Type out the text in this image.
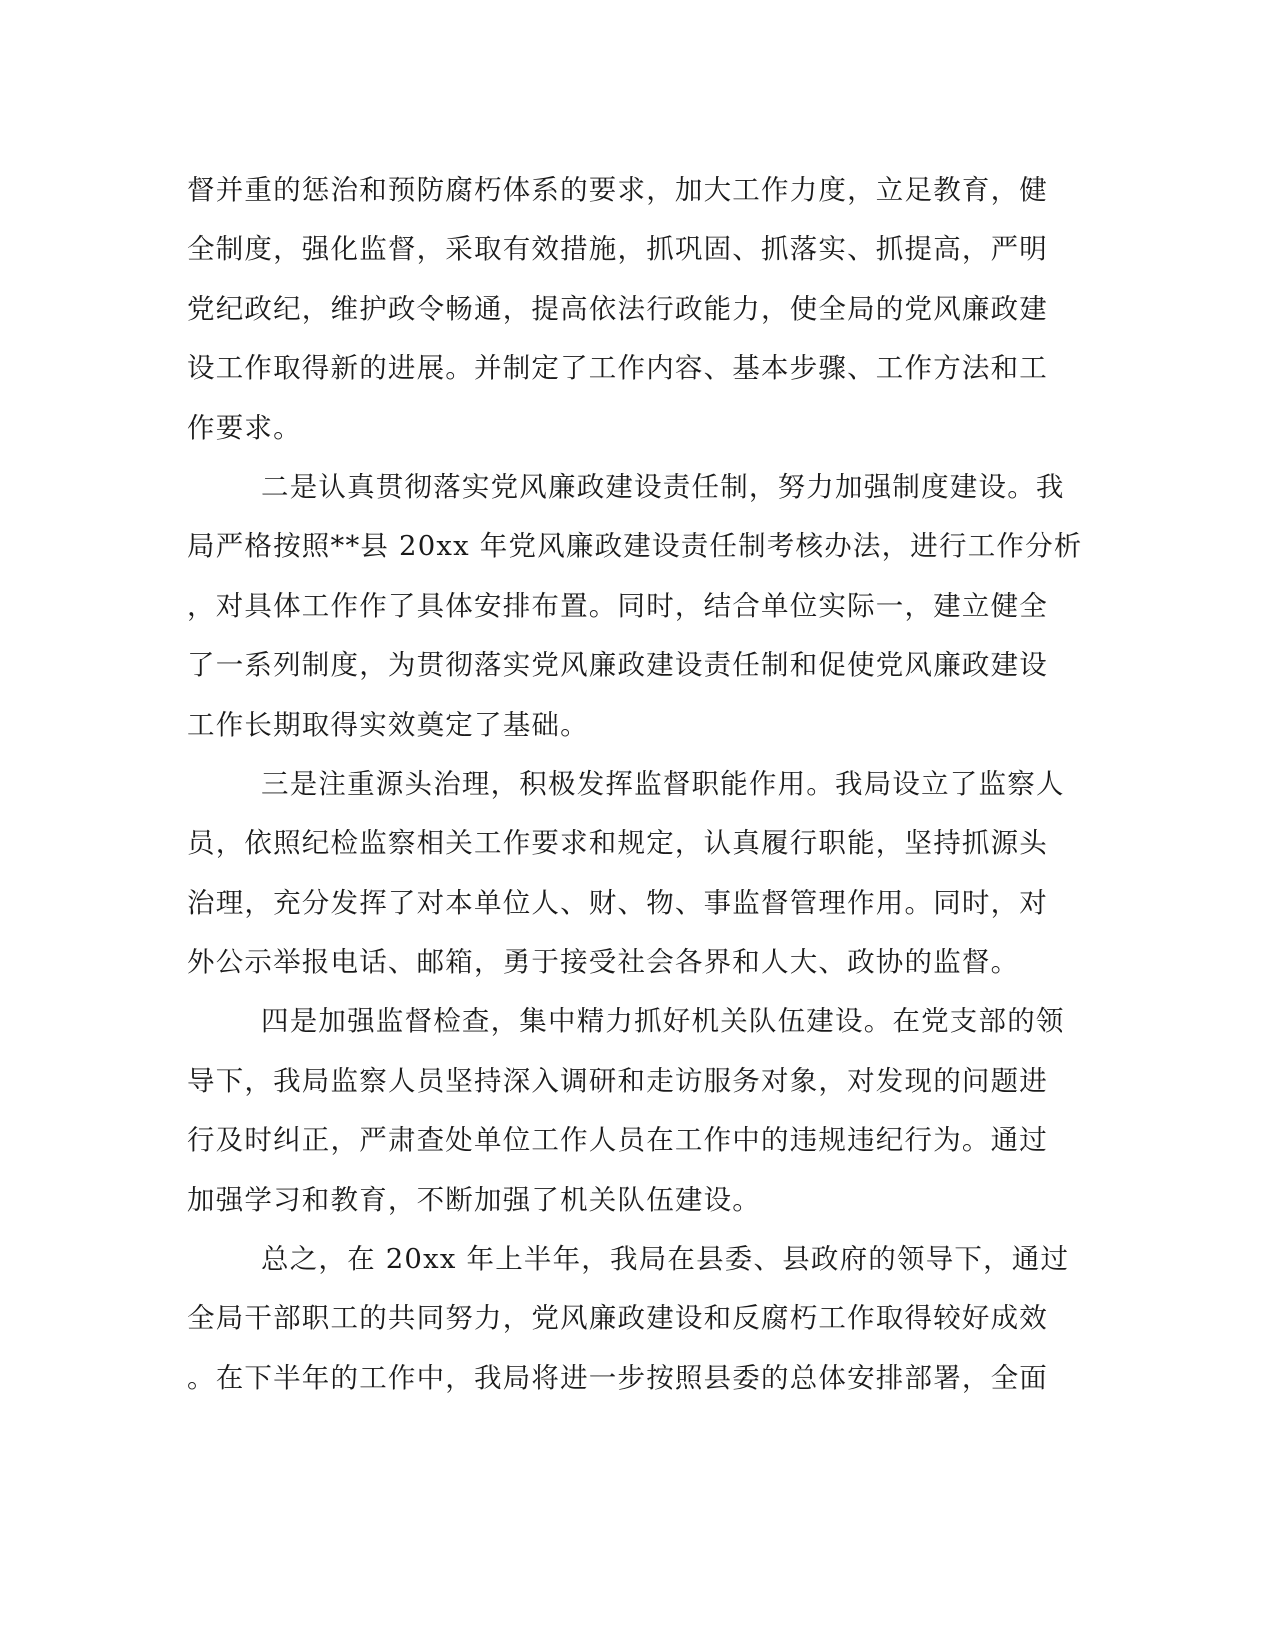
督并重的惩治和预防腐朽体系的要求，加大工作力度，立足教育，健
全制度，强化监督，采取有效措施，抓巩固、抓落实、抓提高，严明
党纪政纪，维护政令畅通，提高依法行政能力，使全局的党风廉政建
设工作取得新的进展。并制定了工作内容、基本步骤、工作方法和工
作要求。
二是认真贯彻落实党风廉政建设责任制，努力加强制度建设。我
局严格按照**县 20xx 年党风廉政建设责任制考核办法，进行工作分析
，对具体工作作了具体安排布置。同时，结合单位实际一，建立健全
了一系列制度，为贯彻落实党风廉政建设责任制和促使党风廉政建设
工作长期取得实效奠定了基础。
三是注重源头治理，积极发挥监督职能作用。我局设立了监察人
员，依照纪检监察相关工作要求和规定，认真履行职能，坚持抓源头
治理，充分发挥了对本单位人、财、物、事监督管理作用。同时，对
外公示举报电话、邮箱，勇于接受社会各界和人大、政协的监督。
四是加强监督检查，集中精力抓好机关队伍建设。在党支部的领
导下，我局监察人员坚持深入调研和走访服务对象，对发现的问题进
行及时纠正，严肃查处单位工作人员在工作中的违规违纪行为。通过
加强学习和教育，不断加强了机关队伍建设。
总之，在 20xx 年上半年，我局在县委、县政府的领导下，通过
全局干部职工的共同努力，党风廉政建设和反腐朽工作取得较好成效
。在下半年的工作中，我局将进一步按照县委的总体安排部署，全面
